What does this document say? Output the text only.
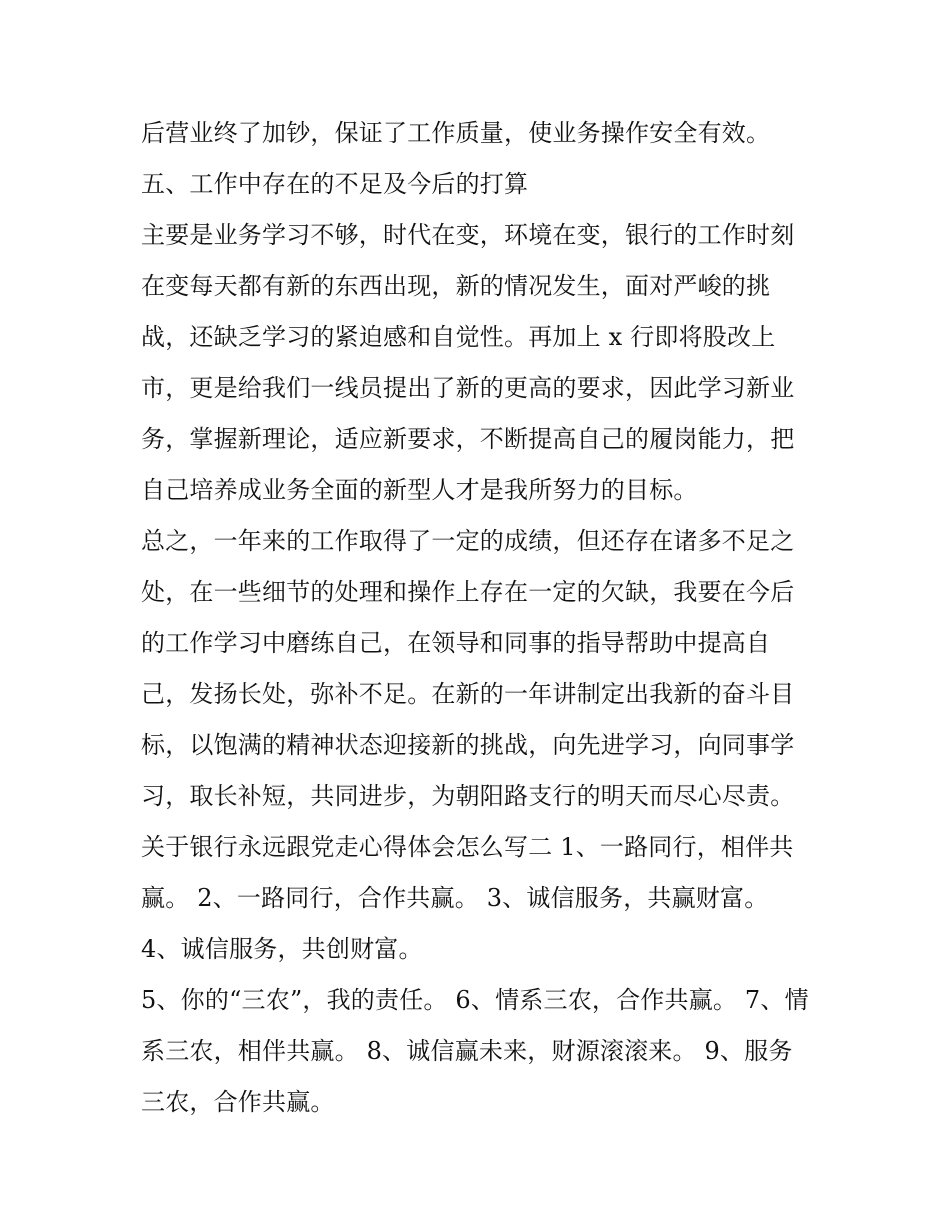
后营业终了加钞，保证了工作质量，使业务操作安全有效。
五、工作中存在的不足及今后的打算
主要是业务学习不够，时代在变，环境在变，银行的工作时刻
在变每天都有新的东西出现，新的情况发生，面对严峻的挑
战，还缺乏学习的紧迫感和自觉性。再加上 x 行即将股改上
市，更是给我们一线员提出了新的更高的要求，因此学习新业
务，掌握新理论，适应新要求，不断提高自己的履岗能力，把
自己培养成业务全面的新型人才是我所努力的目标。
总之，一年来的工作取得了一定的成绩，但还存在诸多不足之
处，在一些细节的处理和操作上存在一定的欠缺，我要在今后
的工作学习中磨练自己，在领导和同事的指导帮助中提高自
己，发扬长处，弥补不足。在新的一年讲制定出我新的奋斗目
标，以饱满的精神状态迎接新的挑战，向先进学习，向同事学
习，取长补短，共同进步，为朝阳路支行的明天而尽心尽责。
关于银行永远跟党走心得体会怎么写二 1、一路同行，相伴共
赢。 2、一路同行，合作共赢。 3、诚信服务，共赢财富。
4、诚信服务，共创财富。
5、你的“三农”，我的责任。 6、情系三农，合作共赢。 7、情
系三农，相伴共赢。 8、诚信赢未来，财源滚滚来。 9、服务
三农，合作共赢。
